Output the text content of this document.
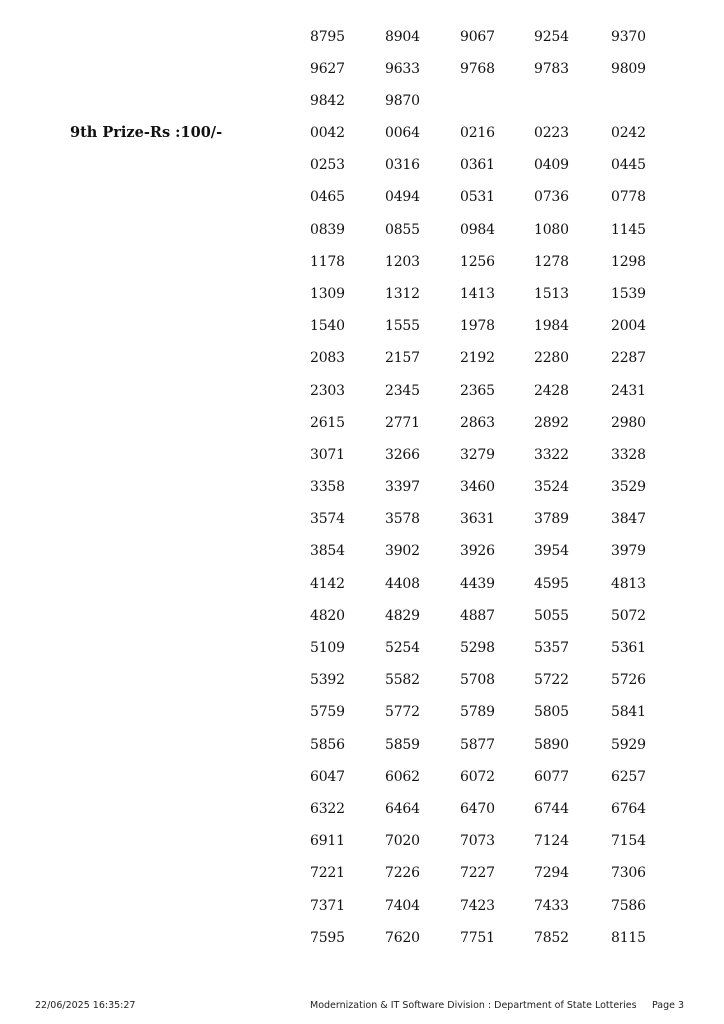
8795	8904	9067	9254	9370
9627	9633	9768	9783	9809
9842	9870
9th Prize-Rs :100/-	0042	0064	0216	0223	0242
0253	0316	0361	0409	0445
0465	0494	0531	0736	0778
0839	0855	0984	1080	1145
1178	1203	1256	1278	1298
1309	1312	1413	1513	1539
1540	1555	1978	1984	2004
2083	2157	2192	2280	2287
2303	2345	2365	2428	2431
2615	2771	2863	2892	2980
3071	3266	3279	3322	3328
3358	3397	3460	3524	3529
3574	3578	3631	3789	3847
3854	3902	3926	3954	3979
4142	4408	4439	4595	4813
4820	4829	4887	5055	5072
5109	5254	5298	5357	5361
5392	5582	5708	5722	5726
5759	5772	5789	5805	5841
5856	5859	5877	5890	5929
6047	6062	6072	6077	6257
6322	6464	6470	6744	6764
6911	7020	7073	7124	7154
7221	7226	7227	7294	7306
7371	7404	7423	7433	7586
7595	7620	7751	7852	8115
22/06/2025 16:35:27	Modernization & IT Software Division : Department of State Lotteries Page 3
